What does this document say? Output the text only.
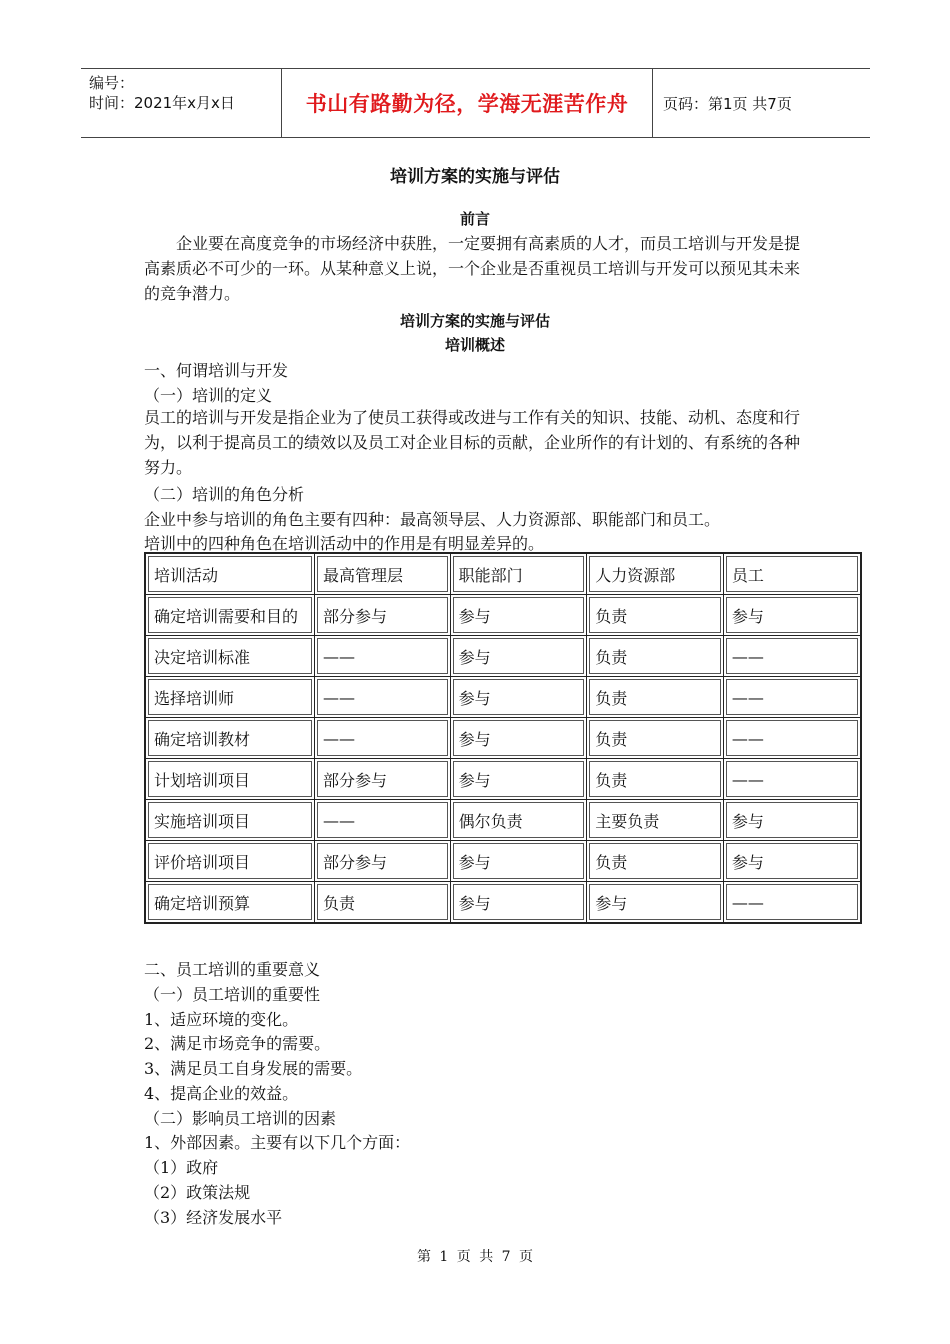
编号：
时间：2021年x月x日	书山有路勤为径，学海无涯苦作舟	页码：第1页 共7页
培训方案的实施与评估
前言
企业要在高度竞争的市场经济中获胜，一定要拥有高素质的人才，而员工培训与开发是提高素质必不可少的一环。从某种意义上说，一个企业是否重视员工培训与开发可以预见其未来的竞争潜力。
培训方案的实施与评估
培训概述
一、何谓培训与开发
（一）培训的定义
员工的培训与开发是指企业为了使员工获得或改进与工作有关的知识、技能、动机、态度和行为，以利于提高员工的绩效以及员工对企业目标的贡献，企业所作的有计划的、有系统的各种努力。
（二）培训的角色分析
企业中参与培训的角色主要有四种：最高领导层、人力资源部、职能部门和员工。
培训中的四种角色在培训活动中的作用是有明显差异的。
培训活动	最高管理层	职能部门	人力资源部	员工
确定培训需要和目的	部分参与	参与	负责	参与
决定培训标准	——	参与	负责	——
选择培训师	——	参与	负责	——
确定培训教材	——	参与	负责	——
计划培训项目	部分参与	参与	负责	——
实施培训项目	——	偶尔负责	主要负责	参与
评价培训项目	部分参与	参与	负责	参与
确定培训预算	负责	参与	参与	——
二、员工培训的重要意义
（一）员工培训的重要性
1、适应环境的变化。
2、满足市场竞争的需要。
3、满足员工自身发展的需要。
4、提高企业的效益。
（二）影响员工培训的因素
1、外部因素。主要有以下几个方面：
（1）政府
（2）政策法规
（3）经济发展水平
第 1 页 共 7 页
